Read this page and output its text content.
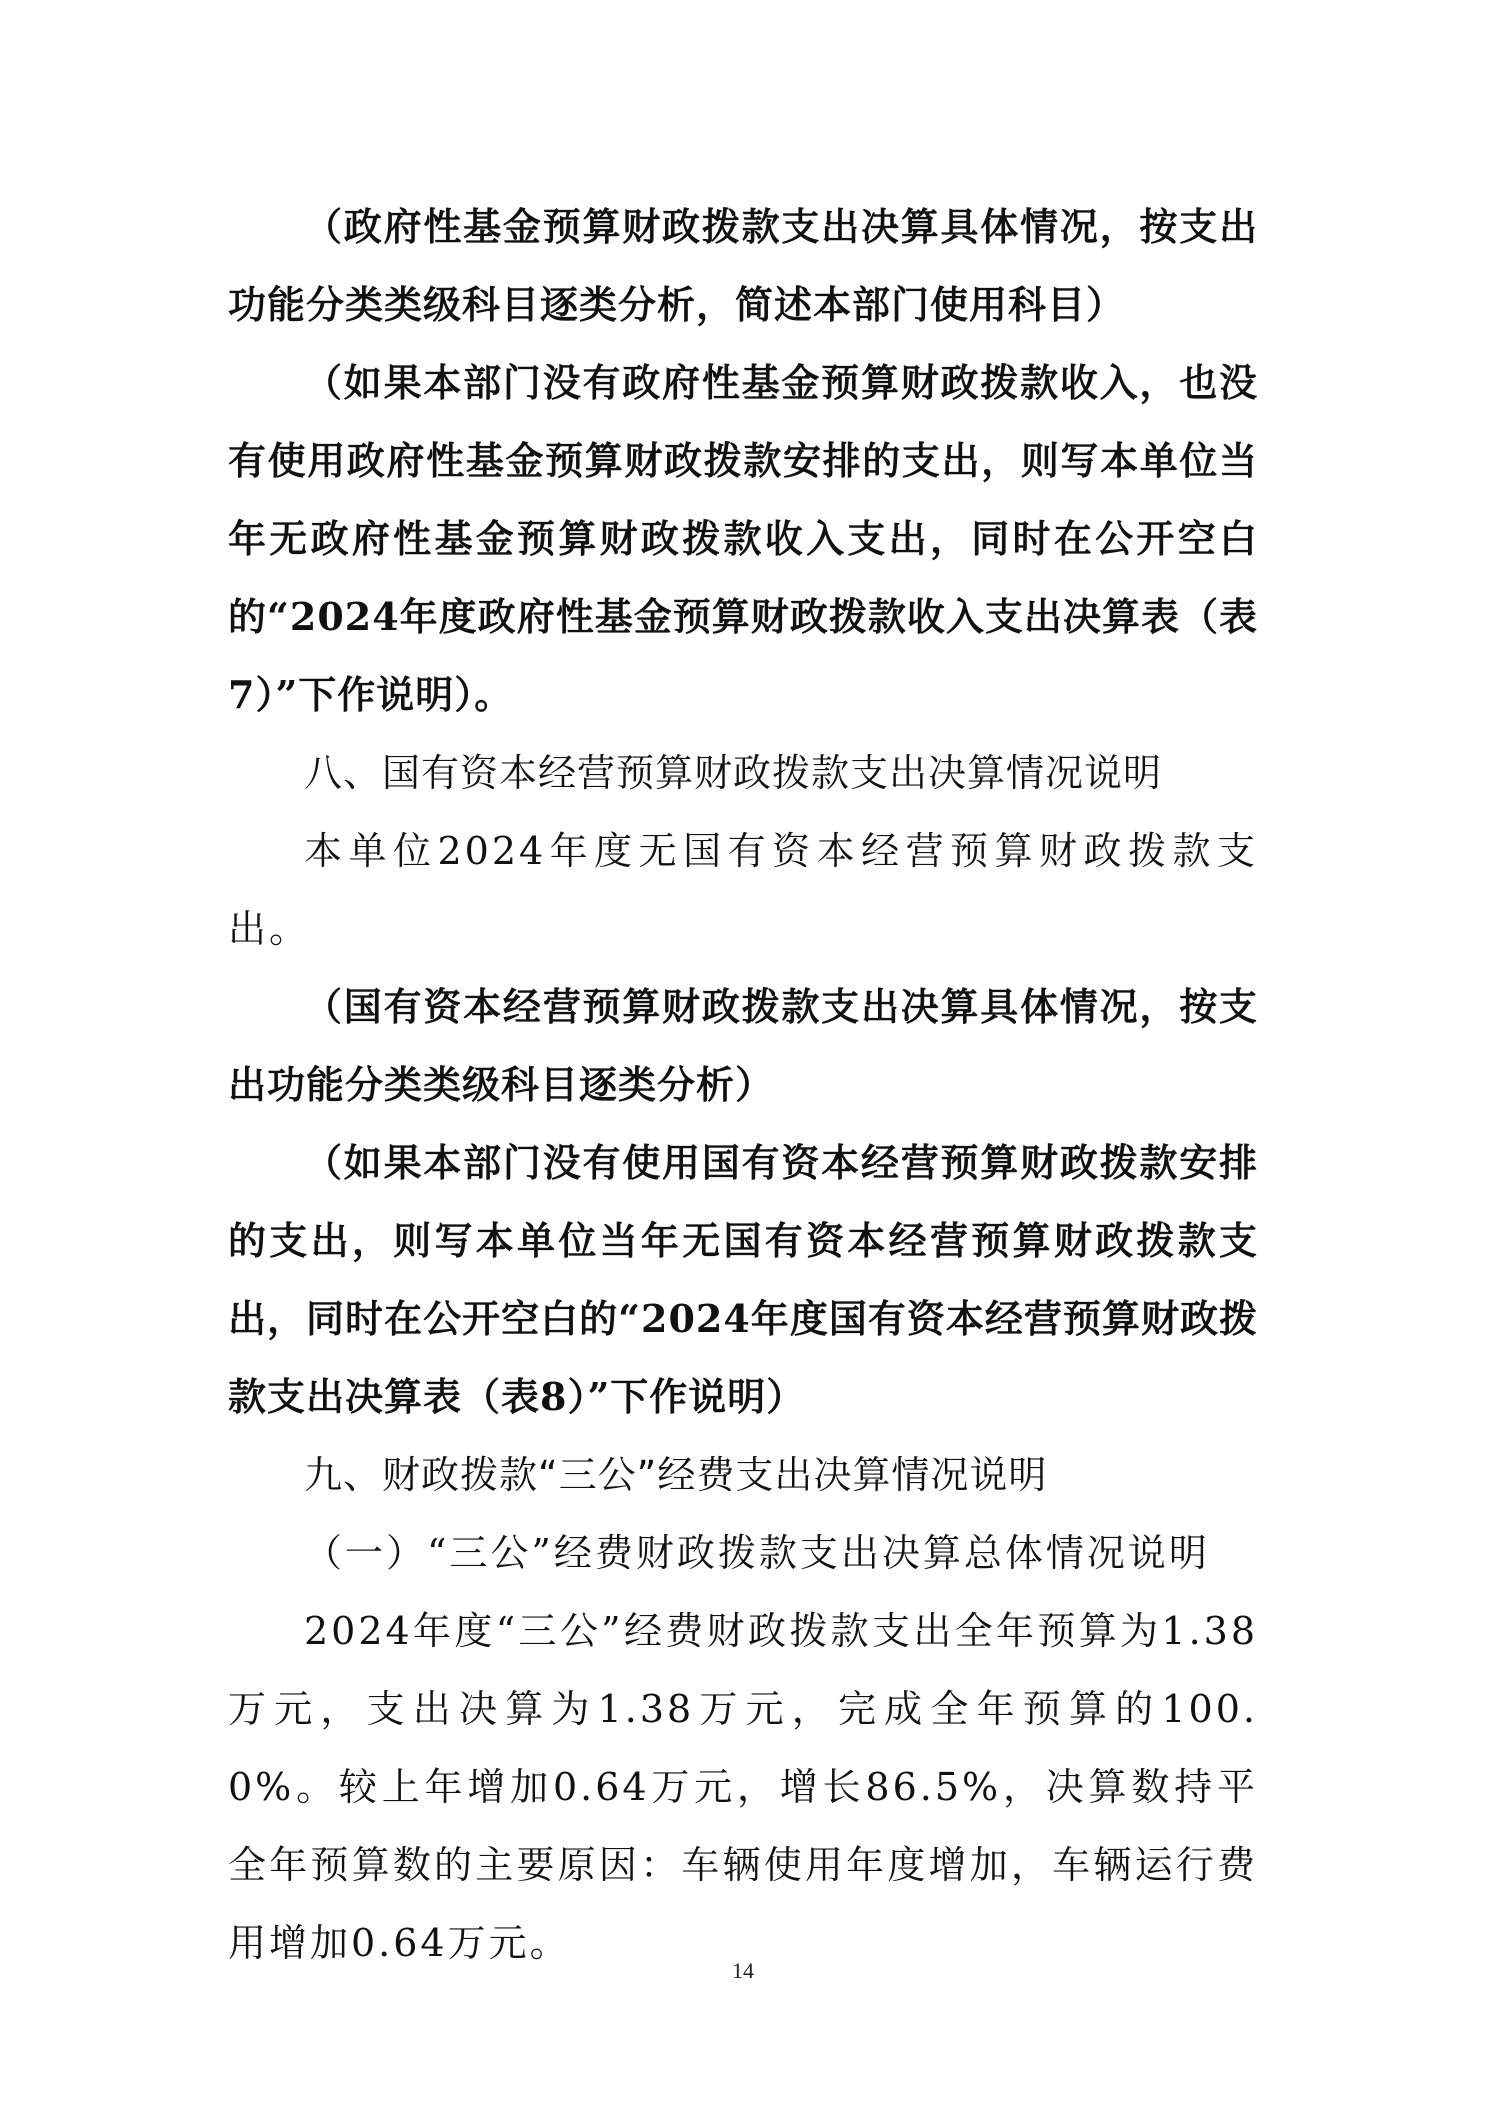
（政府性基金预算财政拨款支出决算具体情况，按支出功能分类类级科目逐类分析，简述本部门使用科目）

（如果本部门没有政府性基金预算财政拨款收入，也没有使用政府性基金预算财政拨款安排的支出，则写本单位当年无政府性基金预算财政拨款收入支出，同时在公开空白的“2024年度政府性基金预算财政拨款收入支出决算表（表7）”下作说明）。

八、国有资本经营预算财政拨款支出决算情况说明

本单位2024年度无国有资本经营预算财政拨款支出。

（国有资本经营预算财政拨款支出决算具体情况，按支出功能分类类级科目逐类分析）

（如果本部门没有使用国有资本经营预算财政拨款安排的支出，则写本单位当年无国有资本经营预算财政拨款支出，同时在公开空白的“2024年度国有资本经营预算财政拨款支出决算表（表8）”下作说明）

九、财政拨款“三公”经费支出决算情况说明

（一）“三公”经费财政拨款支出决算总体情况说明

2024年度“三公”经费财政拨款支出全年预算为1.38万元，支出决算为1.38万元，完成全年预算的100.0%。较上年增加0.64万元，增长86.5%，决算数持平全年预算数的主要原因：车辆使用年度增加，车辆运行费用增加0.64万元。

14
